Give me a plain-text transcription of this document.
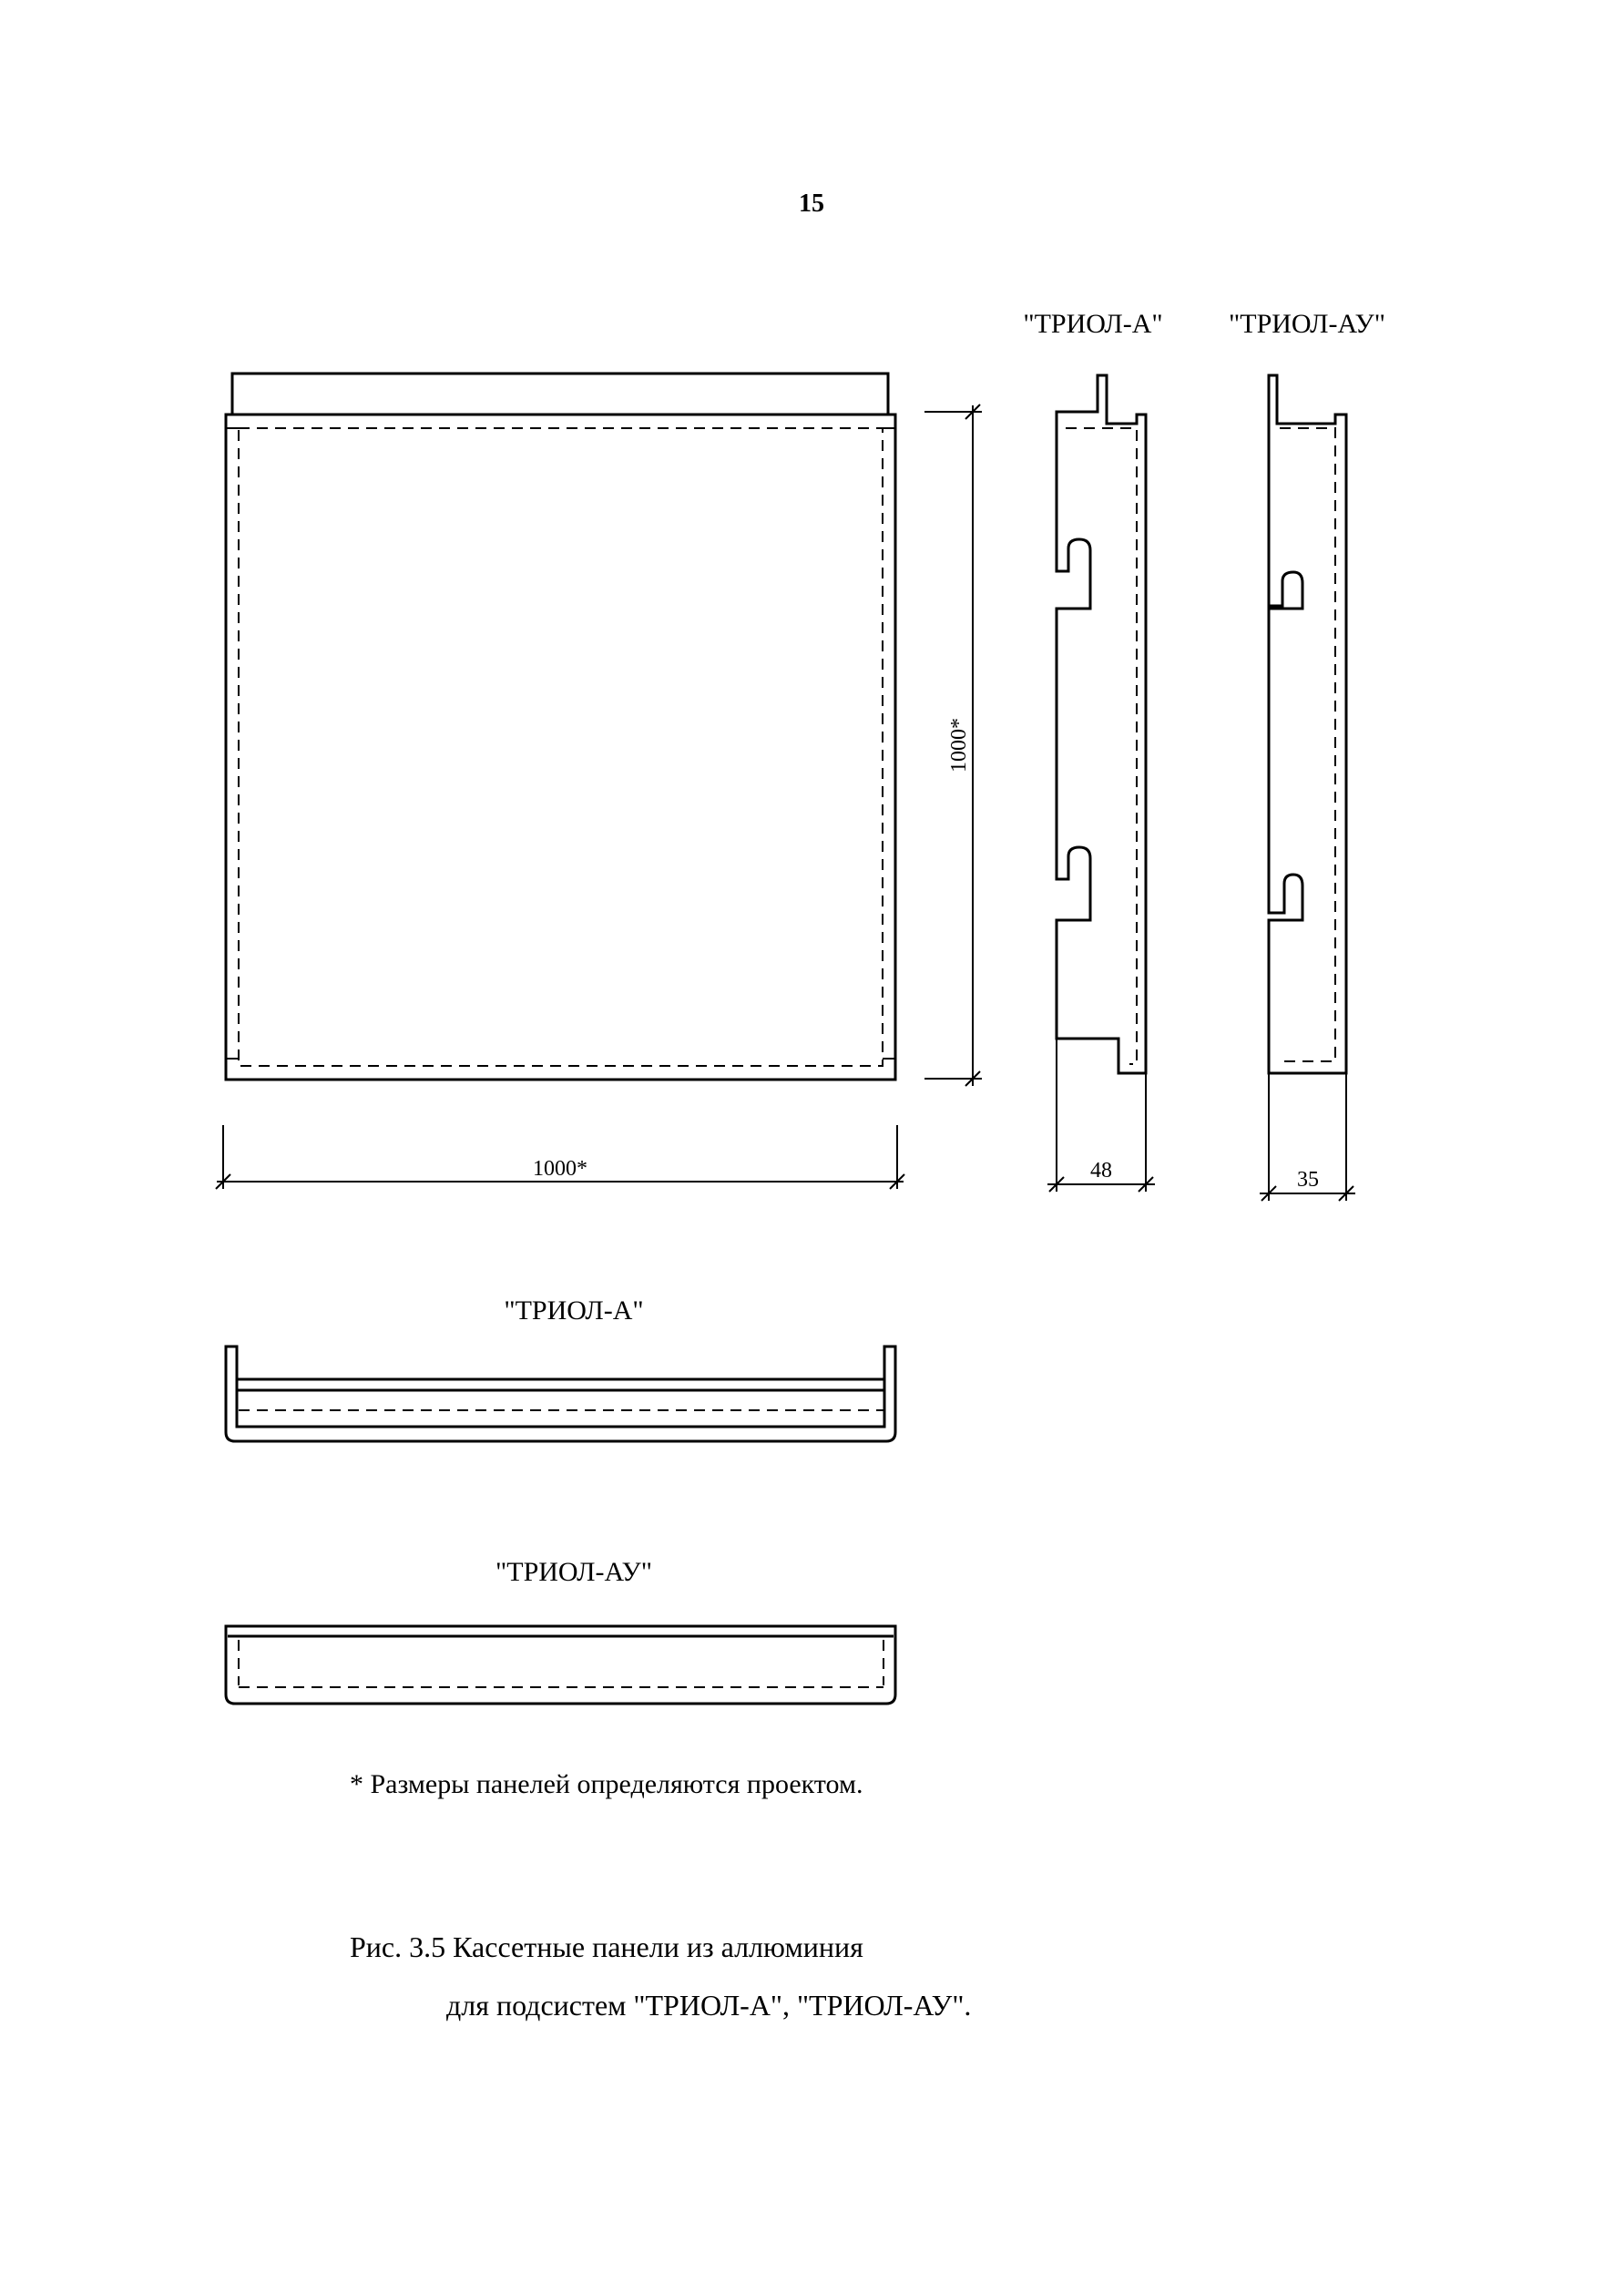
15
1000*
1000*
"ТРИОЛ-А"
48
"ТРИОЛ-АУ"
35
"ТРИОЛ-А"
"ТРИОЛ-АУ"
* Размеры панелей определяются проектом.
Рис. 3.5 Кассетные панели из аллюминия
для подсистем "ТРИОЛ-А", "ТРИОЛ-АУ".
